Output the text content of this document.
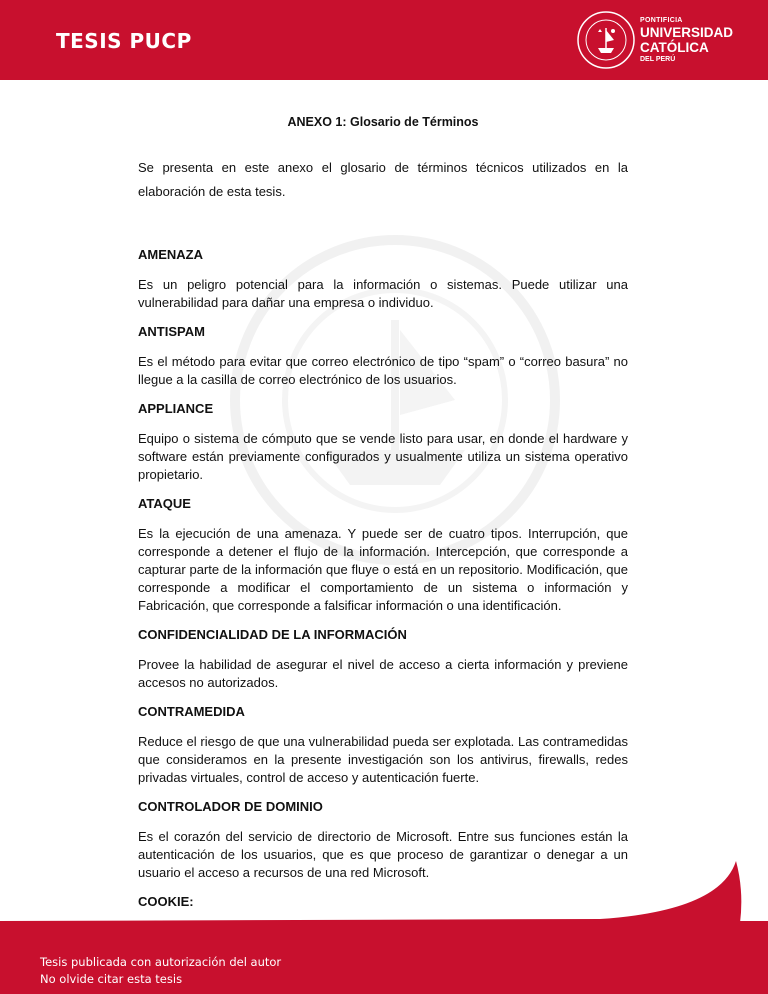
TESIS PUCP
PONTIFICIA
UNIVERSIDAD
CATÓLICA
DEL PERÚ
ANEXO 1: Glosario de Términos

Se presenta en este anexo el glosario de términos técnicos utilizados en la elaboración de esta tesis.

AMENAZA

Es un peligro potencial para la información o sistemas. Puede utilizar una vulnerabilidad para dañar una empresa o individuo.

ANTISPAM

Es el método para evitar que correo electrónico de tipo “spam” o “correo basura” no llegue a la casilla de correo electrónico de los usuarios.

APPLIANCE

Equipo o sistema de cómputo que se vende listo para usar, en donde el hardware y software están previamente configurados y usualmente utiliza un sistema operativo propietario.

ATAQUE

Es la ejecución de una amenaza. Y puede ser de cuatro tipos. Interrupción, que corresponde a detener el flujo de la información. Intercepción, que corresponde a capturar parte de la información que fluye o está en un repositorio. Modificación, que corresponde a modificar el comportamiento de un sistema o información y Fabricación, que corresponde a falsificar información o una identificación.

CONFIDENCIALIDAD DE LA INFORMACIÓN

Provee la habilidad de asegurar el nivel de acceso a cierta información y previene accesos no autorizados.

CONTRAMEDIDA

Reduce el riesgo de que una vulnerabilidad pueda ser explotada. Las contramedidas que consideramos en la presente investigación son los antivirus, firewalls, redes privadas virtuales, control de acceso y autenticación fuerte.

CONTROLADOR DE DOMINIO

Es el corazón del servicio de directorio de Microsoft. Entre sus funciones están la autenticación de los usuarios, que es que proceso de garantizar o denegar a un usuario el acceso a recursos de una red Microsoft.

COOKIE:

Tesis publicada con autorización del autor
No olvide citar esta tesis
